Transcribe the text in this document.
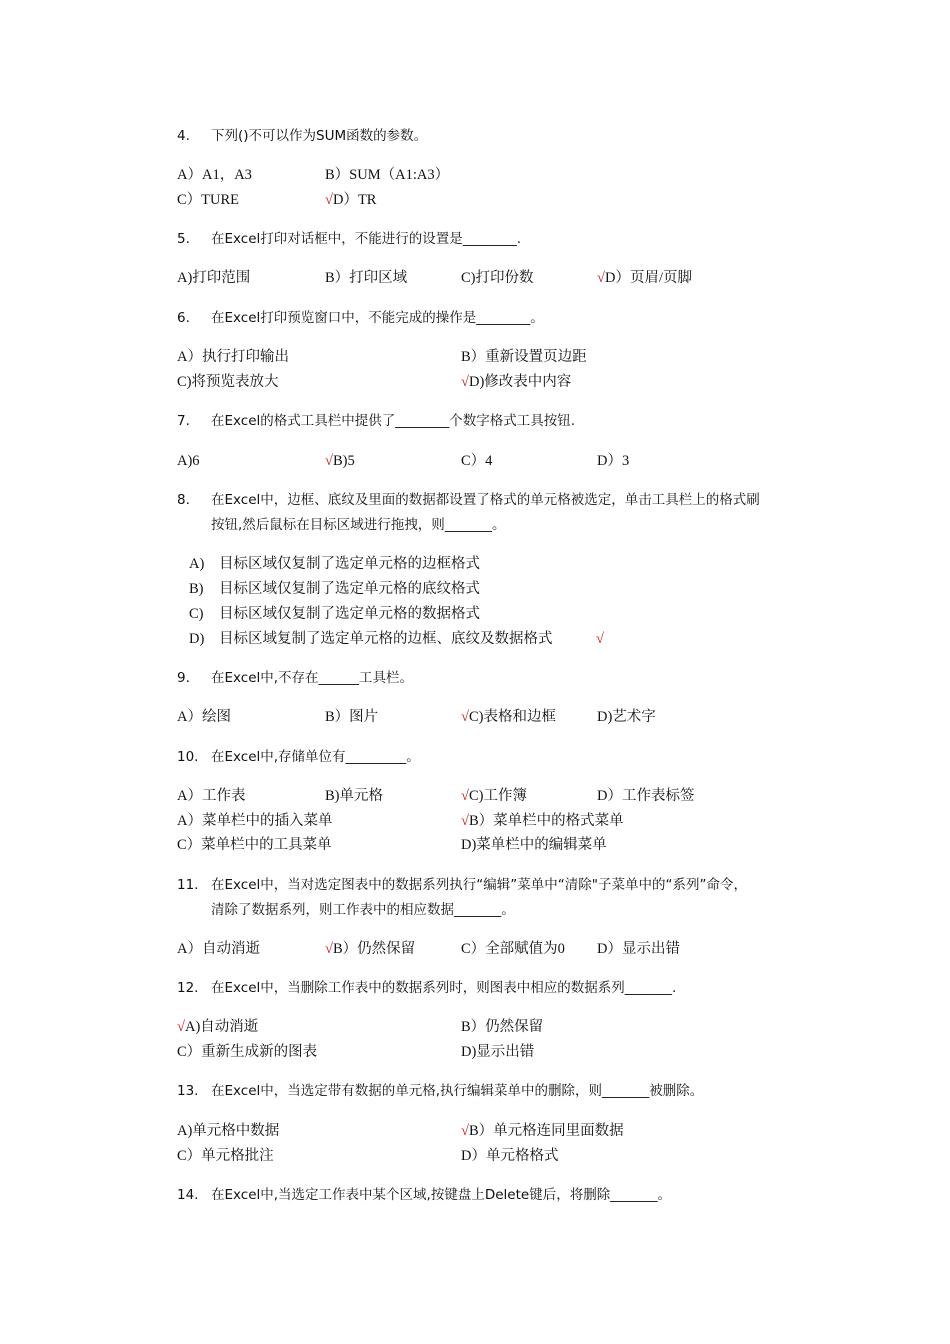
4. 下列()不可以作为SUM函数的参数。
A）A1，A3	B）SUM（A1:A3）
C）TURE	√D）TR
5. 在Excel打印对话框中，不能进行的设置是________.
A)打印范围	B）打印区域	C)打印份数	√D）页眉/页脚
6. 在Excel打印预览窗口中，不能完成的操作是________。
A）执行打印输出	B）重新设置页边距
C)将预览表放大	√D)修改表中内容
7. 在Excel的格式工具栏中提供了________个数字格式工具按钮.
A)6	√B)5	C）4	D）3
8. 在Excel中，边框、底纹及里面的数据都设置了格式的单元格被选定，单击工具栏上的格式刷
按钮,然后鼠标在目标区域进行拖拽，则_______。
A) 目标区域仅复制了选定单元格的边框格式
B) 目标区域仅复制了选定单元格的底纹格式
C) 目标区域仅复制了选定单元格的数据格式
D) 目标区域复制了选定单元格的边框、底纹及数据格式	√
9. 在Excel中,不存在______工具栏。
A）绘图	B）图片	√C)表格和边框	D)艺术字
10. 在Excel中,存储单位有_________。
A）工作表	B)单元格	√C)工作簿	D）工作表标签
A）菜单栏中的插入菜单	√B）菜单栏中的格式菜单
C）菜单栏中的工具菜单	D)菜单栏中的编辑菜单
11. 在Excel中，当对选定图表中的数据系列执行“编辑”菜单中“清除"子菜单中的“系列”命令，
清除了数据系列，则工作表中的相应数据_______。
A）自动消逝	√B）仍然保留	C）全部赋值为0 D）显示出错
12. 在Excel中，当删除工作表中的数据系列时，则图表中相应的数据系列_______.
√A)自动消逝	B）仍然保留
C）重新生成新的图表	D)显示出错
13. 在Excel中，当选定带有数据的单元格,执行编辑菜单中的删除，则_______被删除。
A)单元格中数据	√B）单元格连同里面数据
C）单元格批注	D）单元格格式
14. 在Excel中,当选定工作表中某个区域,按键盘上Delete键后，将删除_______。
